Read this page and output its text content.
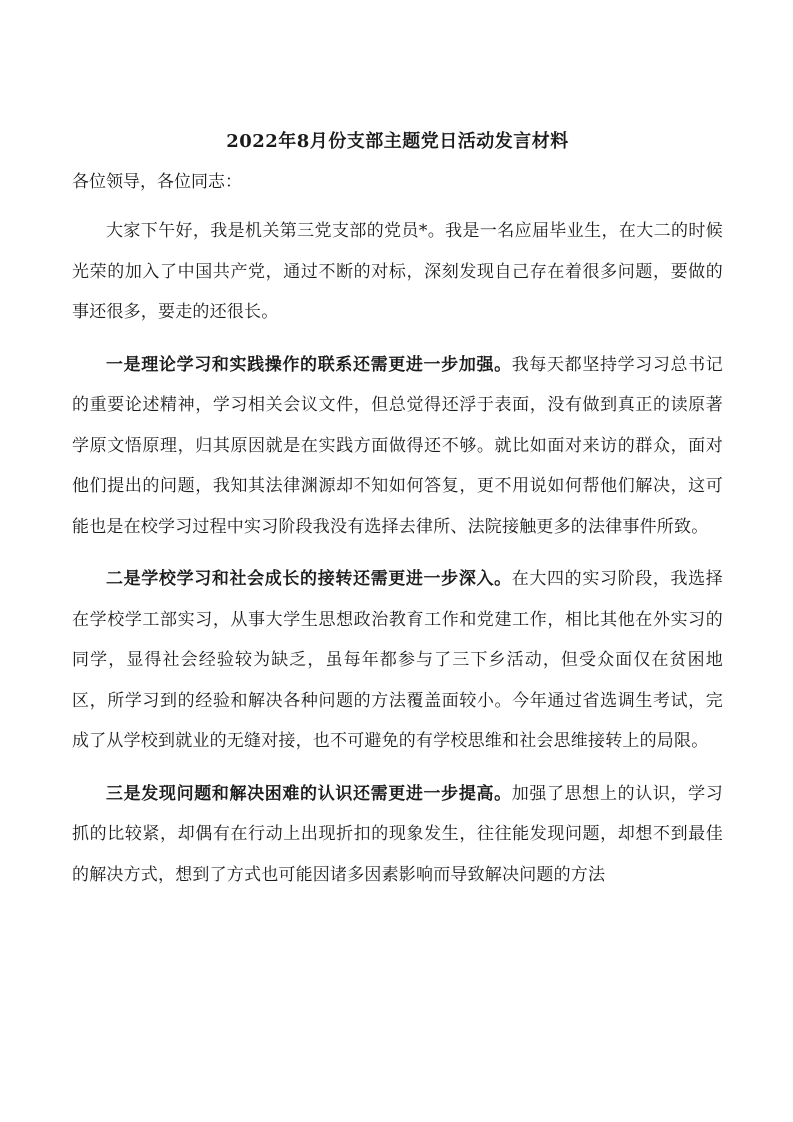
2022年8月份支部主题党日活动发言材料
各位领导，各位同志：

大家下午好，我是机关第三党支部的党员*。我是一名应届毕业生，在大二的时候光荣的加入了中国共产党，通过不断的对标，深刻发现自己存在着很多问题，要做的事还很多，要走的还很长。

一是理论学习和实践操作的联系还需更进一步加强。我每天都坚持学习习总书记的重要论述精神，学习相关会议文件，但总觉得还浮于表面，没有做到真正的读原著学原文悟原理，归其原因就是在实践方面做得还不够。就比如面对来访的群众，面对他们提出的问题，我知其法律渊源却不知如何答复，更不用说如何帮他们解决，这可能也是在校学习过程中实习阶段我没有选择去律所、法院接触更多的法律事件所致。

二是学校学习和社会成长的接转还需更进一步深入。在大四的实习阶段，我选择在学校学工部实习，从事大学生思想政治教育工作和党建工作，相比其他在外实习的同学，显得社会经验较为缺乏，虽每年都参与了三下乡活动，但受众面仅在贫困地区，所学习到的经验和解决各种问题的方法覆盖面较小。今年通过省选调生考试，完成了从学校到就业的无缝对接，也不可避免的有学校思维和社会思维接转上的局限。

三是发现问题和解决困难的认识还需更进一步提高。加强了思想上的认识，学习抓的比较紧，却偶有在行动上出现折扣的现象发生，往往能发现问题，却想不到最佳的解决方式，想到了方式也可能因诸多因素影响而导致解决问题的方法
